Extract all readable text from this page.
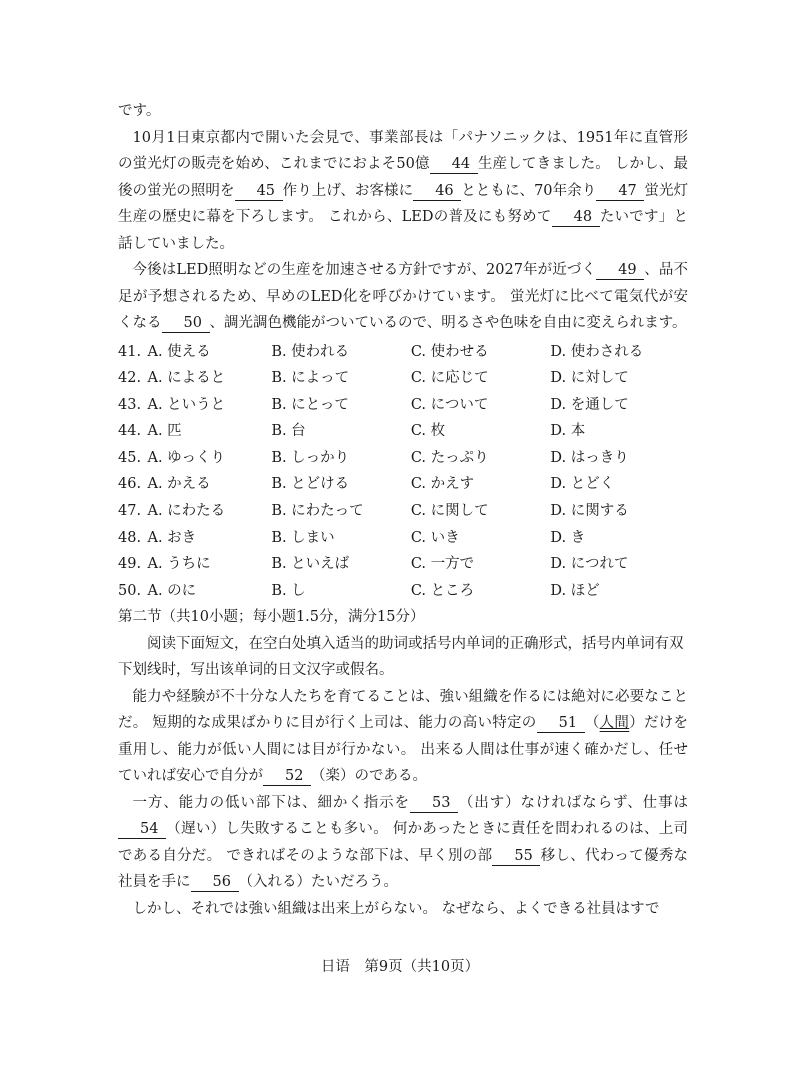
です。

10月1日東京都内で開いた会見で、事業部長は「パナソニックは、1951年に直管形の蛍光灯の販売を始め、これまでにおよそ50億 44 生産してきました。 しかし、最後の蛍光の照明を 45 作り上げ、お客様に 46 とともに、70年余り 47 蛍光灯生産の歴史に幕を下ろします。 これから、LEDの普及にも努めて 48 たいです」と話していました。

今後はLED照明などの生産を加速させる方針ですが、2027年が近づく 49 、品不足が予想されるため、早めのLED化を呼びかけています。 蛍光灯に比べて電気代が安くなる 50 、調光調色機能がついているので、明るさや色味を自由に変えられます。

41. A. 使える	B. 使われる	C. 使わせる	D. 使わされる
42. A. によると	B. によって	C. に応じて	D. に対して
43. A. というと	B. にとって	C. について	D. を通して
44. A. 匹	B. 台	C. 枚	D. 本
45. A. ゆっくり	B. しっかり	C. たっぷり	D. はっきり
46. A. かえる	B. とどける	C. かえす	D. とどく
47. A. にわたる	B. にわたって	C. に関して	D. に関する
48. A. おき	B. しまい	C. いき	D. き
49. A. うちに	B. といえば	C. 一方で	D. につれて
50. A. のに	B. し	C. ところ	D. ほど

第二节（共10小题；每小题1.5分，满分15分）

阅读下面短文，在空白处填入适当的助词或括号内单词的正确形式，括号内单词有双下划线时，写出该单词的日文汉字或假名。

能力や経験が不十分な人たちを育てることは、強い組織を作るには絶対に必要なことだ。 短期的な成果ばかりに目が行く上司は、能力の高い特定の 51 （人間）だけを重用し、能力が低い人間には目が行かない。 出来る人間は仕事が速く確かだし、任せていれば安心で自分が 52 （楽）のである。

一方、能力の低い部下は、細かく指示を 53 （出す）なければならず、仕事は54 （遅い）し失敗することも多い。 何かあったときに責任を問われるのは、上司である自分だ。 できればそのような部下は、早く別の部 55 移し、代わって優秀な社員を手に 56 （入れる）たいだろう。

しかし、それでは強い組織は出来上がらない。 なぜなら、よくできる社員はすで

日语　第9页（共10页）
